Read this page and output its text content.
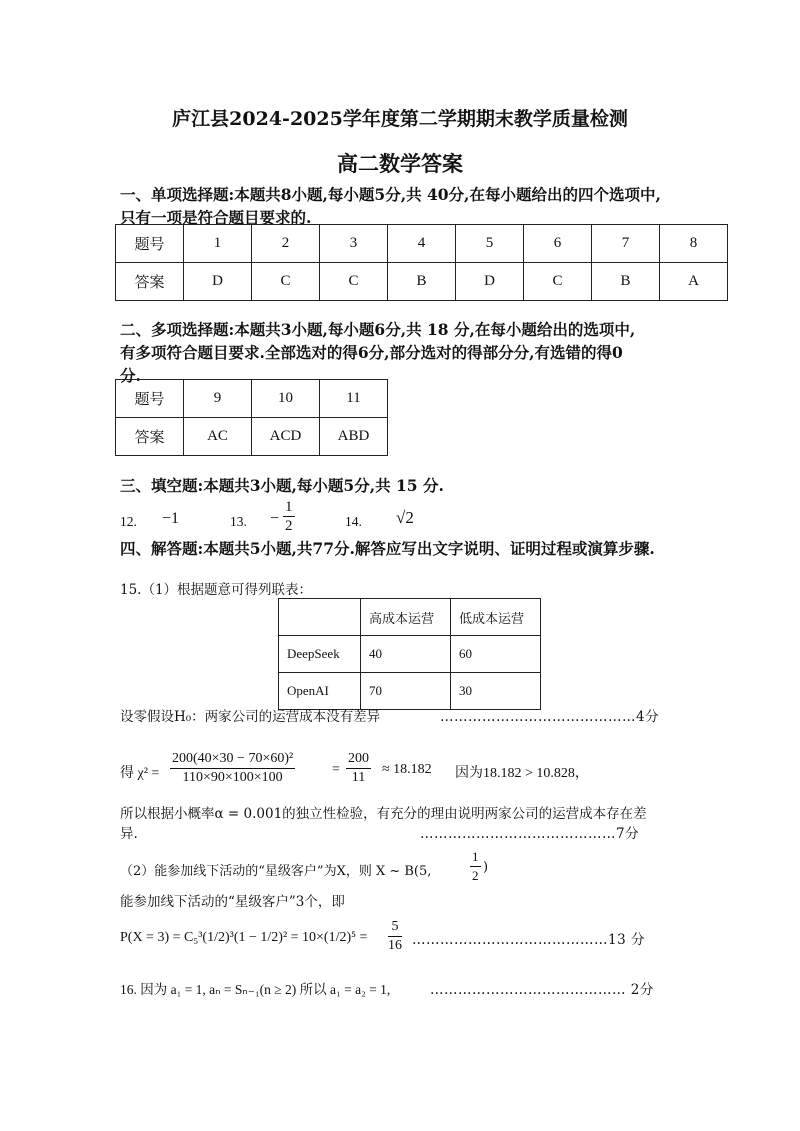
庐江县2024-2025学年度第二学期期末教学质量检测
高二数学答案
一、单项选择题:本题共8小题,每小题5分,共 40分,在每小题给出的四个选项中,
只有一项是符合题目要求的.
题号	1	2	3	4	5	6	7	8
答案	D	C	C	B	D	C	B	A
二、多项选择题:本题共3小题,每小题6分,共 18 分,在每小题给出的选项中,
有多项符合题目要求.全部选对的得6分,部分选对的得部分分,有选错的得0
分.
题号	9	10	11
答案	AC	ACD	ABD
三、填空题:本题共3小题,每小题5分,共 15 分.
12. −1	13. − $\frac{1}{2}$	14. √2
四、解答题:本题共5小题,共77分.解答应写出文字说明、证明过程或演算步骤.
15.（1）根据题意可得列联表：
	高成本运营	低成本运营
DeepSeek	40	60
OpenAI	70	30
设零假设H₀：两家公司的运营成本没有差异	……………………………………4分
得 $\chi^2 = \frac{\text{200(40×30 − 70×60)²}}{110\times 90\times 100\times 100}$	= $\frac{200}{11} \approx 18.182$ 因为18.182 > 10.828，
所以根据小概率α = 0.001的独立性检验，有充分的理由说明两家公司的运营成本存在差
异.	……………………………………7分
（2）能参加线下活动的“星级客户”为X，则 X ~ B(5,	$\frac{1}{2}$ )
能参加线下活动的“星级客户”3个，即
$P(X = 3) = C_5^3(1/2)^3(1 - 1/2)^2 = 10\times(1/2)^5 = \frac{5}{16}$ ……………………………………13 分
16. 因为 a₁ = 1, aₙ = Sₙ₋₁(n ≥ 2) 所以 a₁ = a₂ = 1,	…………………………………… 2分
